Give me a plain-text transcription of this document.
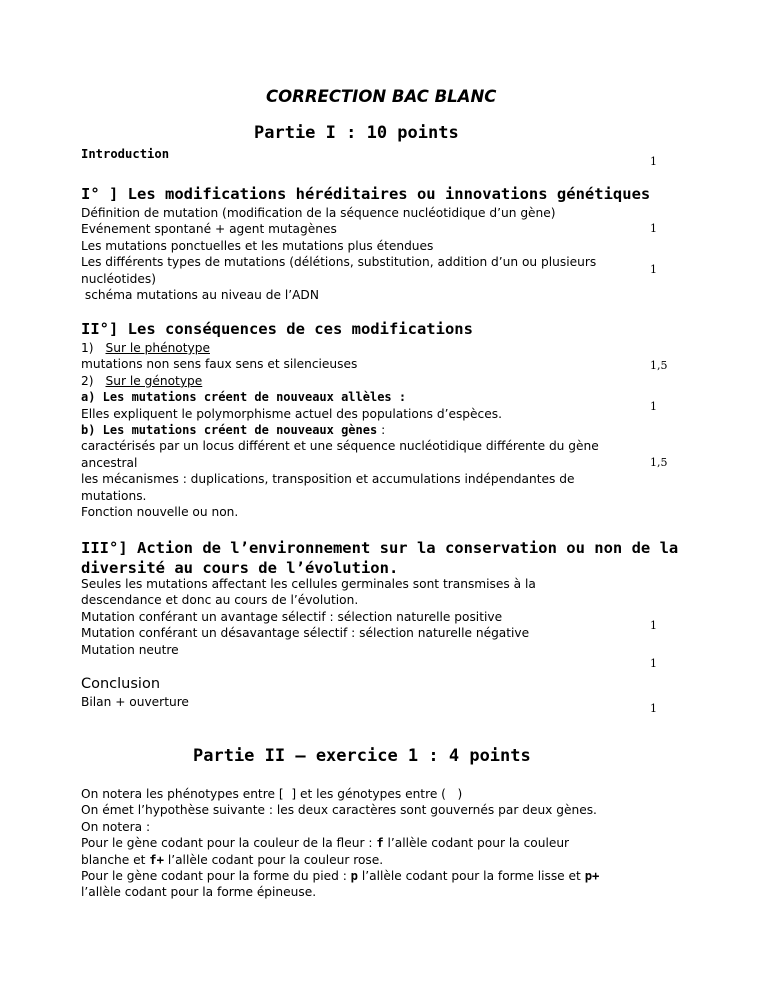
CORRECTION BAC BLANC
Partie I : 10 points
Introduction
1
I° ] Les modifications héréditaires ou innovations génétiques
Définition de mutation (modification de la séquence nucléotidique d’un gène)
Evénement spontané + agent mutagènes
Les mutations ponctuelles et les mutations plus étendues
Les différents types de mutations (délétions, substitution, addition d’un ou plusieurs
nucléotides)
schéma mutations au niveau de l’ADN
1
1
II°] Les conséquences de ces modifications
1) Sur le phénotype
mutations non sens faux sens et silencieuses
2) Sur le génotype
a) Les mutations créent de nouveaux allèles :
Elles expliquent le polymorphisme actuel des populations d’espèces.
b) Les mutations créent de nouveaux gènes :
caractérisés par un locus différent et une séquence nucléotidique différente du gène
ancestral
les mécanismes : duplications, transposition et accumulations indépendantes de
mutations.
Fonction nouvelle ou non.
1,5
1
1,5
III°] Action de l’environnement sur la conservation ou non de la
diversité au cours de l’évolution.
Seules les mutations affectant les cellules germinales sont transmises à la
descendance et donc au cours de l’évolution.
Mutation conférant un avantage sélectif : sélection naturelle positive
Mutation conférant un désavantage sélectif : sélection naturelle négative
Mutation neutre
1
1
Conclusion
Bilan + ouverture	1
Partie II – exercice 1 : 4 points
On notera les phénotypes entre [  ] et les génotypes entre (   )
On émet l’hypothèse suivante : les deux caractères sont gouvernés par deux gènes.
On notera :
Pour le gène codant pour la couleur de la fleur : f l’allèle codant pour la couleur
blanche et f+ l’allèle codant pour la couleur rose.
Pour le gène codant pour la forme du pied : p l’allèle codant pour la forme lisse et p+
l’allèle codant pour la forme épineuse.
